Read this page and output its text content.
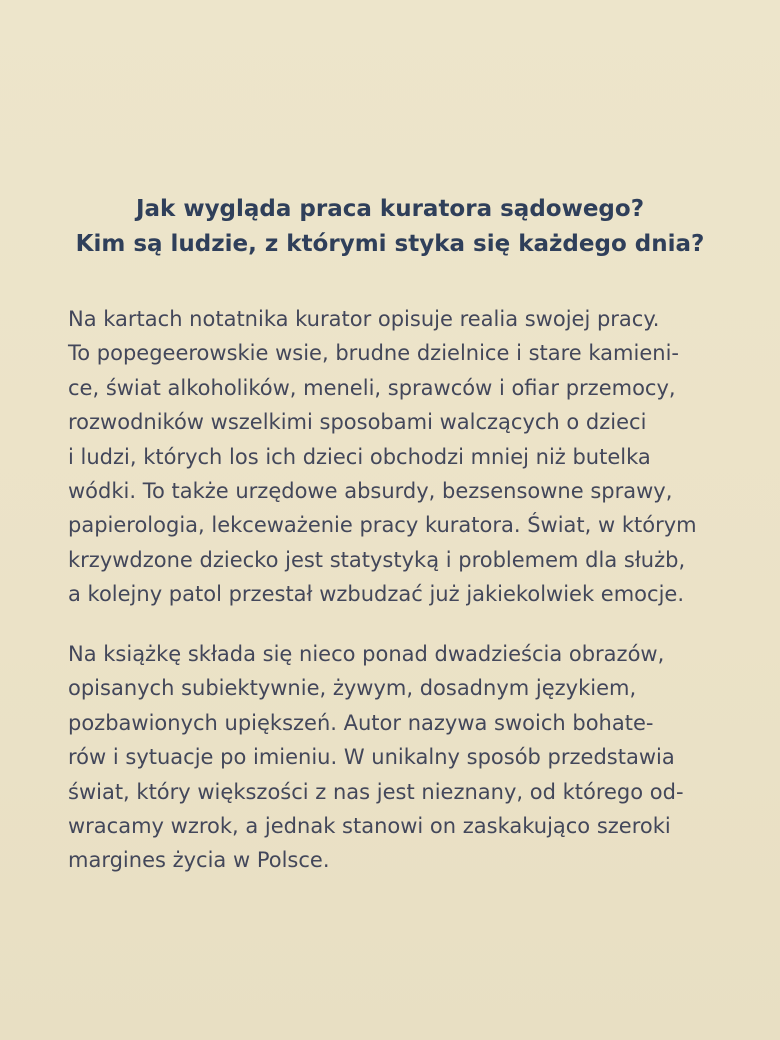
Jak wygląda praca kuratora sądowego?
Kim są ludzie, z którymi styka się każdego dnia?
Na kartach notatnika kurator opisuje realia swojej pracy.
To popegeerowskie wsie, brudne dzielnice i stare kamieni-
ce, świat alkoholików, meneli, sprawców i ofiar przemocy,
rozwodników wszelkimi sposobami walczących o dzieci
i ludzi, których los ich dzieci obchodzi mniej niż butelka
wódki. To także urzędowe absurdy, bezsensowne sprawy,
papierologia, lekceważenie pracy kuratora. Świat, w którym
krzywdzone dziecko jest statystyką i problemem dla służb,
a kolejny patol przestał wzbudzać już jakiekolwiek emocje.
Na książkę składa się nieco ponad dwadzieścia obrazów,
opisanych subiektywnie, żywym, dosadnym językiem,
pozbawionych upiększeń. Autor nazywa swoich bohate-
rów i sytuacje po imieniu. W unikalny sposób przedstawia
świat, który większości z nas jest nieznany, od którego od-
wracamy wzrok, a jednak stanowi on zaskakująco szeroki
margines życia w Polsce.
